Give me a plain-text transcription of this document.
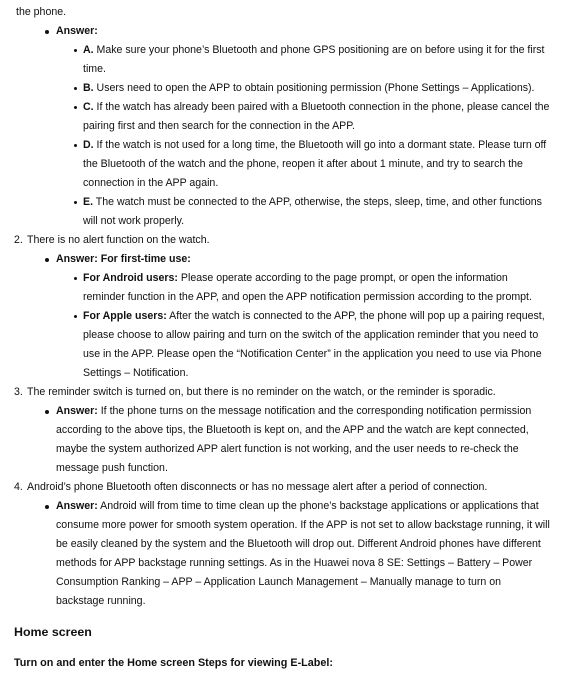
the phone.
Answer:
A. Make sure your phone’s Bluetooth and phone GPS positioning are on before using it for the first
time.
B. Users need to open the APP to obtain positioning permission (Phone Settings – Applications).
C. If the watch has already been paired with a Bluetooth connection in the phone, please cancel the
pairing first and then search for the connection in the APP.
D. If the watch is not used for a long time, the Bluetooth will go into a dormant state. Please turn off
the Bluetooth of the watch and the phone, reopen it after about 1 minute, and try to search the
connection in the APP again.
E. The watch must be connected to the APP, otherwise, the steps, sleep, time, and other functions
will not work properly.
2. There is no alert function on the watch.
Answer: For first-time use:
For Android users: Please operate according to the page prompt, or open the information
reminder function in the APP, and open the APP notification permission according to the prompt.
For Apple users: After the watch is connected to the APP, the phone will pop up a pairing request,
please choose to allow pairing and turn on the switch of the application reminder that you need to
use in the APP. Please open the “Notification Center” in the application you need to use via Phone
Settings – Notification.
3. The reminder switch is turned on, but there is no reminder on the watch, or the reminder is sporadic.
Answer: If the phone turns on the message notification and the corresponding notification permission
according to the above tips, the Bluetooth is kept on, and the APP and the watch are kept connected,
maybe the system authorized APP alert function is not working, and the user needs to re-check the
message push function.
4. Android’s phone Bluetooth often disconnects or has no message alert after a period of connection.
Answer: Android will from time to time clean up the phone’s backstage applications or applications that
consume more power for smooth system operation. If the APP is not set to allow backstage running, it will
be easily cleaned by the system and the Bluetooth will drop out. Different Android phones have different
methods for APP backstage running settings. As in the Huawei nova 8 SE: Settings – Battery – Power
Consumption Ranking – APP – Application Launch Management – Manually manage to turn on
backstage running.
Home screen
Turn on and enter the Home screen Steps for viewing E-Label:
